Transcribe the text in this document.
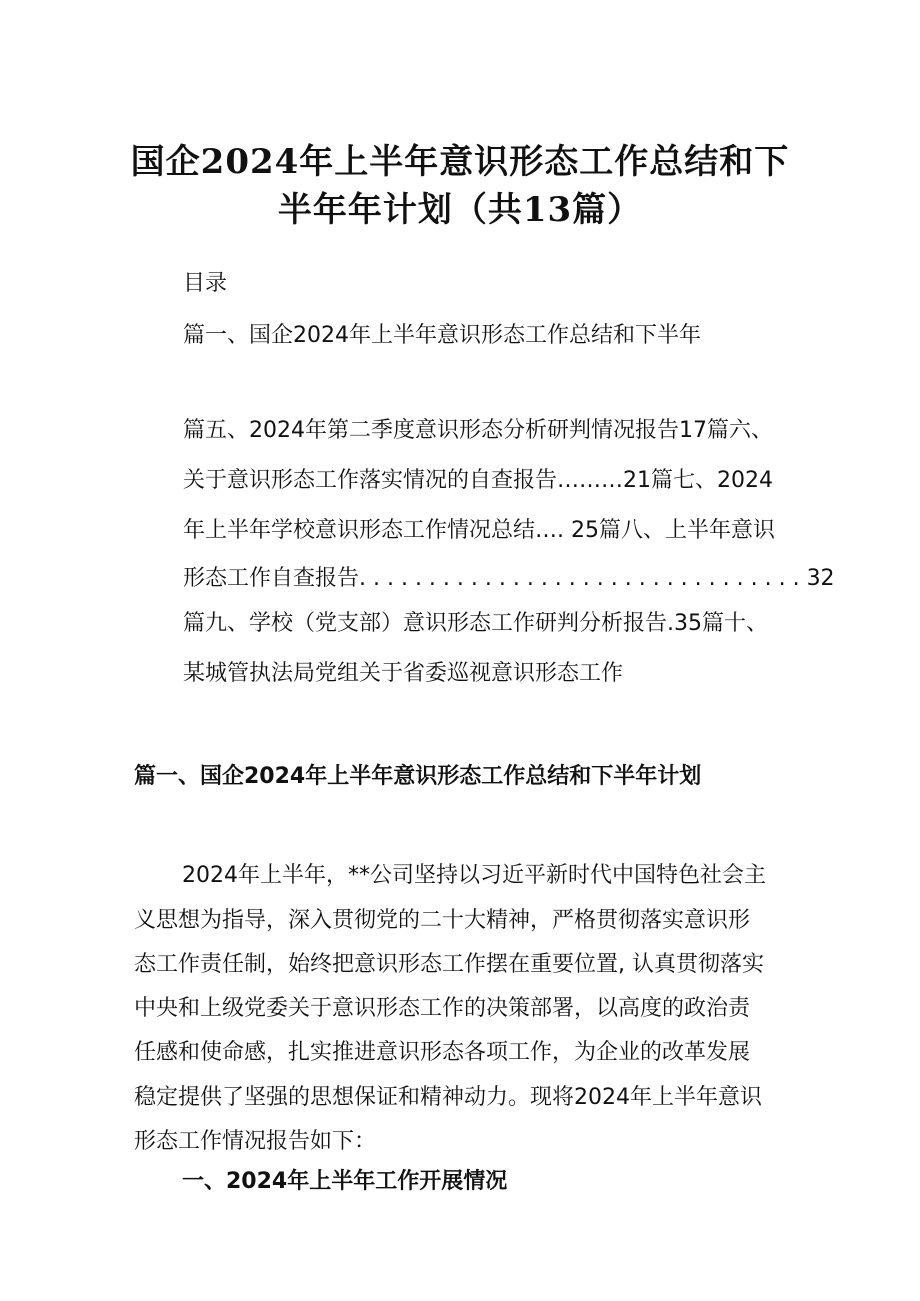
国企2024年上半年意识形态工作总结和下
半年年计划（共13篇）
目录
篇一、国企2024年上半年意识形态工作总结和下半年
篇五、2024年第二季度意识形态分析研判情况报告17篇六、
关于意识形态工作落实情况的自查报告………21篇七、2024
年上半年学校意识形态工作情况总结…. 25篇八、上半年意识
形态工作自查报告. . . . . . . . . . . . . . . . . . . . . . . . . . . . . . . . 32
篇九、学校（党支部）意识形态工作研判分析报告.35篇十、
某城管执法局党组关于省委巡视意识形态工作
篇一、国企2024年上半年意识形态工作总结和下半年计划
2024年上半年，**公司坚持以习近平新时代中国特色社会主
义思想为指导，深入贯彻党的二十大精神，严格贯彻落实意识形
态工作责任制，始终把意识形态工作摆在重要位置, 认真贯彻落实
中央和上级党委关于意识形态工作的决策部署，以高度的政治责
任感和使命感，扎实推进意识形态各项工作，为企业的改革发展
稳定提供了坚强的思想保证和精神动力。现将2024年上半年意识
形态工作情况报告如下：
一、2024年上半年工作开展情况
